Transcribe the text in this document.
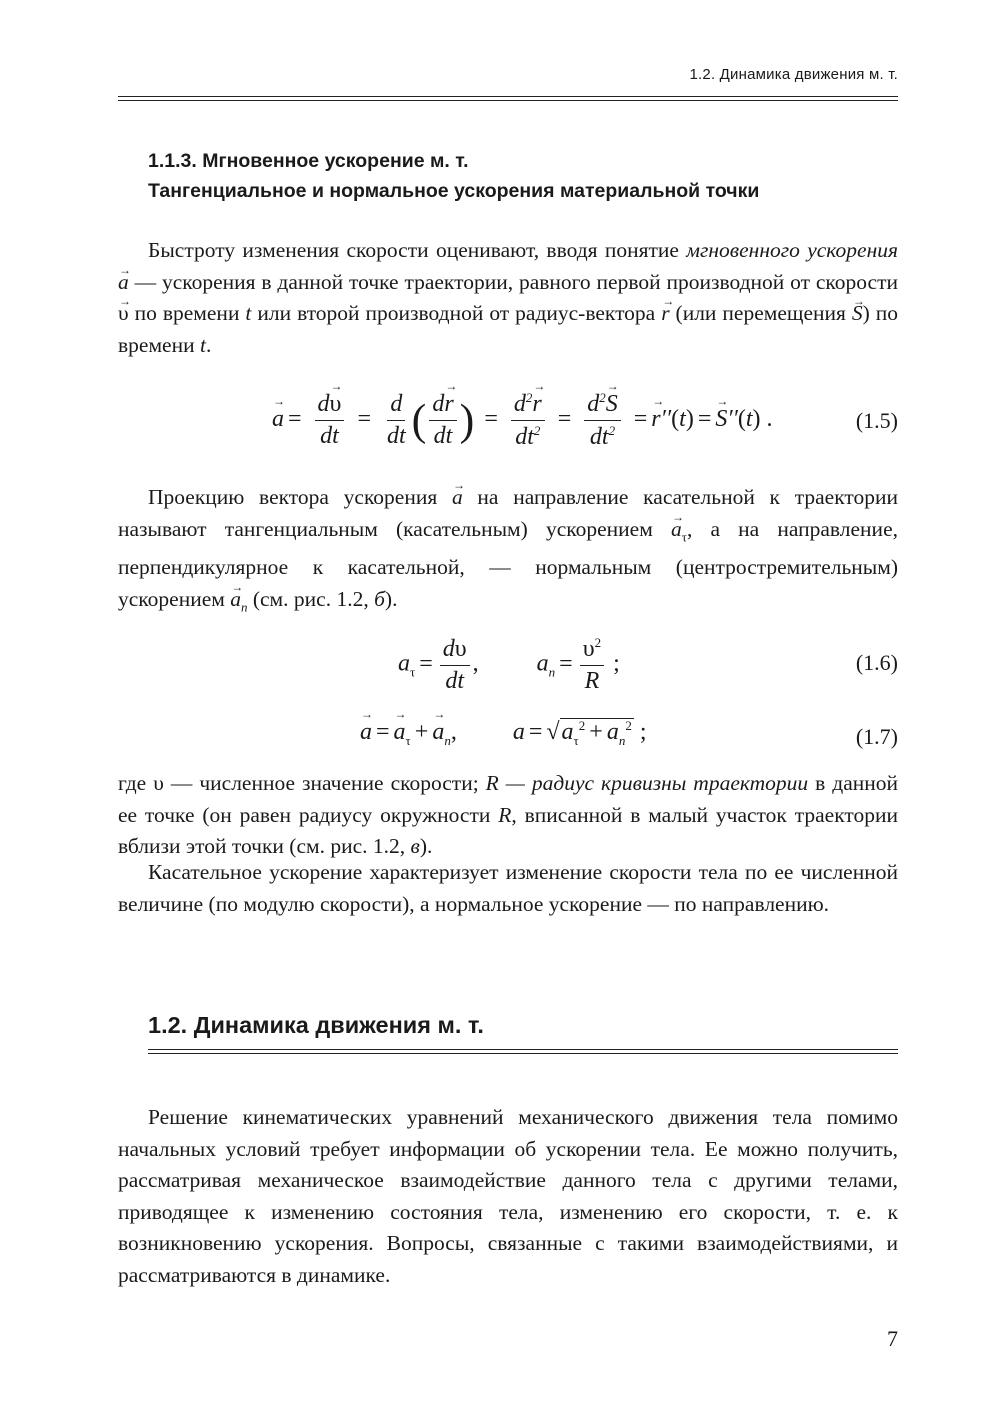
1.2. Динамика движения м. т.
1.1.3. Мгновенное ускорение м. т.
Тангенциальное и нормальное ускорения материальной точки

Быстроту изменения скорости оценивают, вводя понятие мгновенного ускорения a → — ускорения в данной точке траектории, равного первой производной от скорости υ → по времени t или второй производной от радиус-вектора r → (или перемещения S →) по времени t.

a → = $\frac{d\upsilon \to}{dt} = \frac{d}{dt}$ ( $\frac{dr \to}{dt}$ ) = $\frac{d^2r \to}{dt^2} = \frac{d^2S \to}{dt^2} = r \to''(t) = S \to''(t)$ .	(1.5)

Проекцию вектора ускорения a → на направление касательной к траектории называют тангенциальным (касательным) ускорением $a \to_\tau$, а на направление, перпендикулярное к касательной, — нормальным (центростремительным) ускорением $a \to_n$ (см. рис. 1.2, б).

$a_\tau = \frac{d\upsilon}{dt}$ , $a_n = \frac{\upsilon^2}{R}$ ;	(1.6)
a → = $a \to_\tau + a \to_n$, $a = √a_\tau^2 + a_n^2$ ;	(1.7)

где υ — численное значение скорости; R — радиус кривизны траектории в данной ее точке (он равен радиусу окружности R, вписанной в малый участок траектории вблизи этой точки (см. рис. 1.2, в).

Касательное ускорение характеризует изменение скорости тела по ее численной величине (по модулю скорости), а нормальное ускорение — по направлению.

1.2. Динамика движения м. т.

Решение кинематических уравнений механического движения тела помимо начальных условий требует информации об ускорении тела. Ее можно получить, рассматривая механическое взаимодействие данного тела с другими телами, приводящее к изменению состояния тела, изменению его скорости, т. е. к возникновению ускорения. Вопросы, связанные с такими взаимодействиями, и рассматриваются в динамике.

7
